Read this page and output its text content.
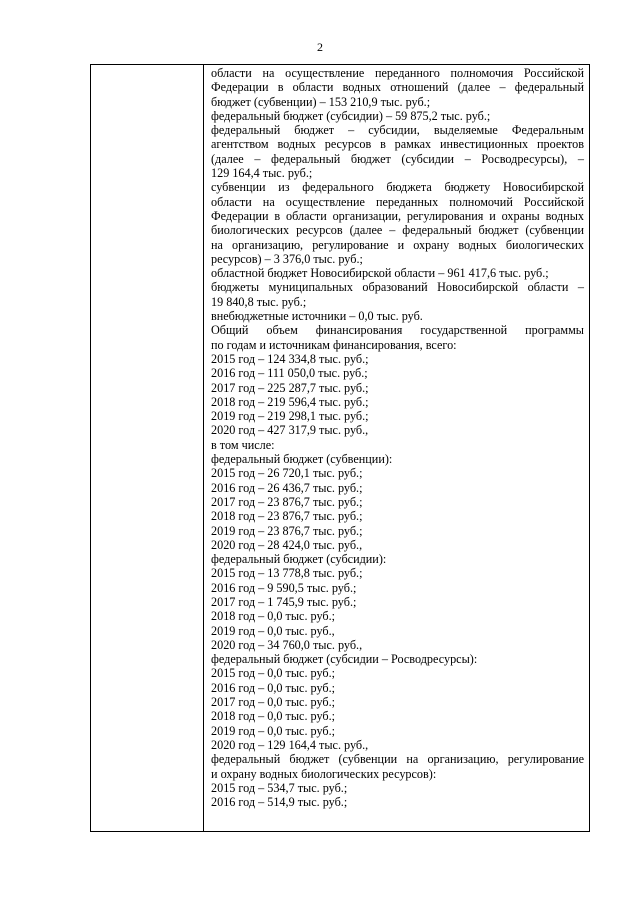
2
области на осуществление переданного полномочия Российской
Федерации в области водных отношений (далее – федеральный
бюджет (субвенции) – 153 210,9 тыс. руб.;
федеральный бюджет (субсидии) – 59 875,2 тыс. руб.;
федеральный бюджет – субсидии, выделяемые Федеральным
агентством водных ресурсов в рамках инвестиционных проектов
(далее – федеральный бюджет (субсидии – Росводресурсы), –
129 164,4 тыс. руб.;
субвенции из федерального бюджета бюджету Новосибирской
области на осуществление переданных полномочий Российской
Федерации в области организации, регулирования и охраны водных
биологических ресурсов (далее – федеральный бюджет (субвенции
на организацию, регулирование и охрану водных биологических
ресурсов) – 3 376,0 тыс. руб.;
областной бюджет Новосибирской области – 961 417,6 тыс. руб.;
бюджеты муниципальных образований Новосибирской области –
19 840,8 тыс. руб.;
внебюджетные источники – 0,0 тыс. руб.
Общий объем финансирования государственной программы
по годам и источникам финансирования, всего:
2015 год – 124 334,8 тыс. руб.;
2016 год – 111 050,0 тыс. руб.;
2017 год – 225 287,7 тыс. руб.;
2018 год – 219 596,4 тыс. руб.;
2019 год – 219 298,1 тыс. руб.;
2020 год – 427 317,9 тыс. руб.,
в том числе:
федеральный бюджет (субвенции):
2015 год – 26 720,1 тыс. руб.;
2016 год – 26 436,7 тыс. руб.;
2017 год – 23 876,7 тыс. руб.;
2018 год – 23 876,7 тыс. руб.;
2019 год – 23 876,7 тыс. руб.;
2020 год – 28 424,0 тыс. руб.,
федеральный бюджет (субсидии):
2015 год – 13 778,8 тыс. руб.;
2016 год – 9 590,5 тыс. руб.;
2017 год – 1 745,9 тыс. руб.;
2018 год – 0,0 тыс. руб.;
2019 год – 0,0 тыс. руб.,
2020 год – 34 760,0 тыс. руб.,
федеральный бюджет (субсидии – Росводресурсы):
2015 год – 0,0 тыс. руб.;
2016 год – 0,0 тыс. руб.;
2017 год – 0,0 тыс. руб.;
2018 год – 0,0 тыс. руб.;
2019 год – 0,0 тыс. руб.;
2020 год – 129 164,4 тыс. руб.,
федеральный бюджет (субвенции на организацию, регулирование
и охрану водных биологических ресурсов):
2015 год – 534,7 тыс. руб.;
2016 год – 514,9 тыс. руб.;
